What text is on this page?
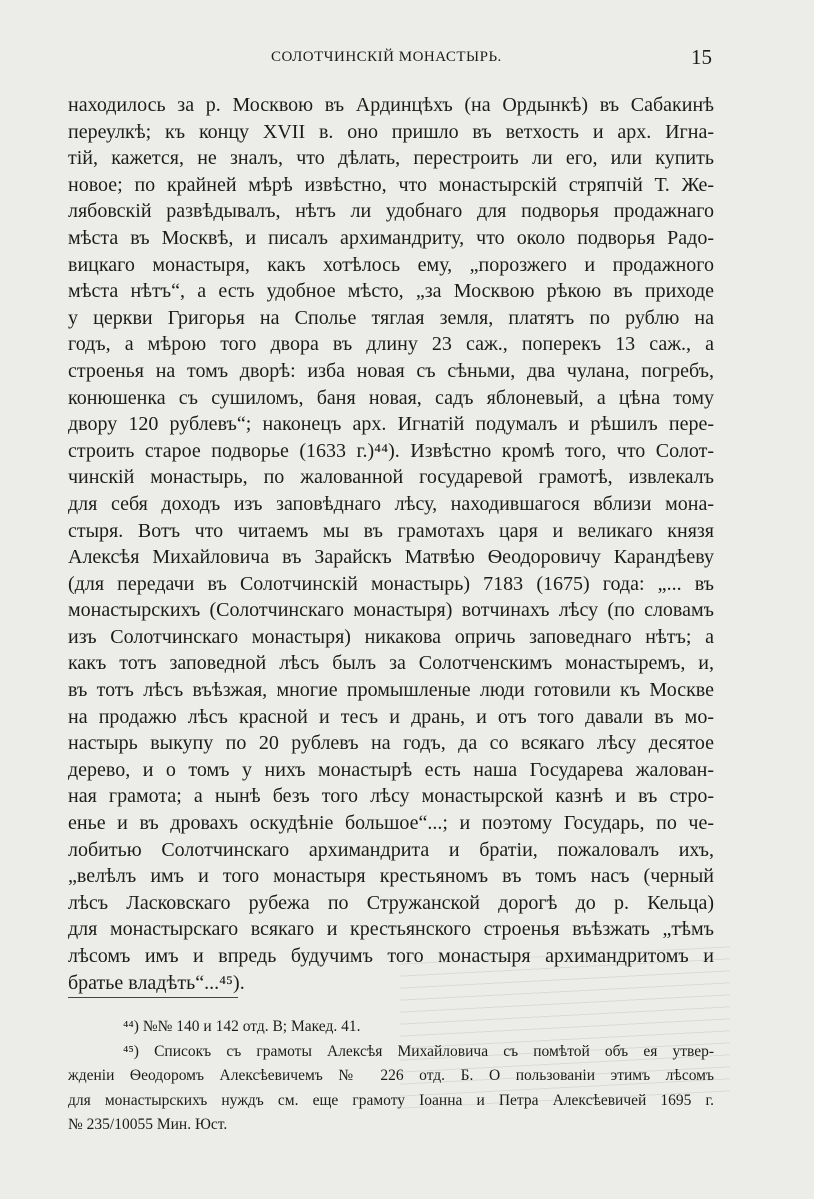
СОЛОТЧИНСКІЙ МОНАСТЫРЬ.	15
находилось за р. Москвою въ Ардинцѣхъ (на Ордынкѣ) въ Сабакинѣ
переулкѣ; къ концу XVII в. оно пришло въ ветхость и арх. Игна-
тій, кажется, не зналъ, что дѣлать, перестроить ли его, или купить
новое; по крайней мѣрѣ извѣстно, что монастырскій стряпчій Т. Же-
лябовскій развѣдывалъ, нѣтъ ли удобнаго для подворья продажнаго
мѣста въ Москвѣ, и писалъ архимандриту, что около подворья Радо-
вицкаго монастыря, какъ хотѣлось ему, „порозжего и продажного
мѣста нѣтъ“, а есть удобное мѣсто, „за Москвою рѣкою въ приходе
у церкви Григорья на Сполье тяглая земля, платятъ по рублю на
годъ, а мѣрою того двора въ длину 23 саж., поперекъ 13 саж., а
строенья на томъ дворѣ: изба новая съ сѣньми, два чулана, погребъ,
конюшенка съ сушиломъ, баня новая, садъ яблоневый, а цѣна тому
двору 120 рублевъ“; наконецъ арх. Игнатій подумалъ и рѣшилъ пере-
строить старое подворье (1633 г.)⁴⁴). Извѣстно кромѣ того, что Солот-
чинскій монастырь, по жалованной государевой грамотѣ, извлекалъ
для себя доходъ изъ заповѣднаго лѣсу, находившагося вблизи мона-
стыря. Вотъ что читаемъ мы въ грамотахъ царя и великаго князя
Алексѣя Михайловича въ Зарайскъ Матвѣю Ѳеодоровичу Карандѣеву
(для передачи въ Солотчинскій монастырь) 7183 (1675) года: „... въ
монастырскихъ (Солотчинскаго монастыря) вотчинахъ лѣсу (по словамъ
изъ Солотчинскаго монастыря) никакова опричь заповеднаго нѣтъ; а
какъ тотъ заповедной лѣсъ былъ за Солотченскимъ монастыремъ, и,
въ тотъ лѣсъ въѣзжая, многие промышленые люди готовили къ Москве
на продажю лѣсъ красной и тесъ и дрань, и отъ того давали въ мо-
настырь выкупу по 20 рублевъ на годъ, да со всякаго лѣсу десятое
дерево, и о томъ у нихъ монастырѣ есть наша Государева жалован-
ная грамота; а нынѣ безъ того лѣсу монастырской казнѣ и въ стро-
енье и въ дровахъ оскудѣніе большое“...; и поэтому Государь, по че-
лобитью Солотчинскаго архимандрита и братіи, пожаловалъ ихъ,
„велѣлъ имъ и того монастыря крестьяномъ въ томъ насъ (черный
лѣсъ Ласковскаго рубежа по Стружанской дорогѣ до р. Кельца)
для монастырскаго всякаго и крестьянского строенья въѣзжать „тѣмъ
лѣсомъ имъ и впредь будучимъ того монастыря архимандритомъ и
братье владѣть“...⁴⁵).
⁴⁴) №№ 140 и 142 отд. В; Макед. 41.
⁴⁵) Списокъ съ грамоты Алексѣя Михайловича съ помѣтой объ ея утвер-
жденіи Ѳеодоромъ Алексѣевичемъ № 226 отд. Б. О пользованіи этимъ лѣсомъ
для монастырскихъ нуждъ см. еще грамоту Іоанна и Петра Алексѣевичей 1695 г.
№ 235/10055 Мин. Юст.
